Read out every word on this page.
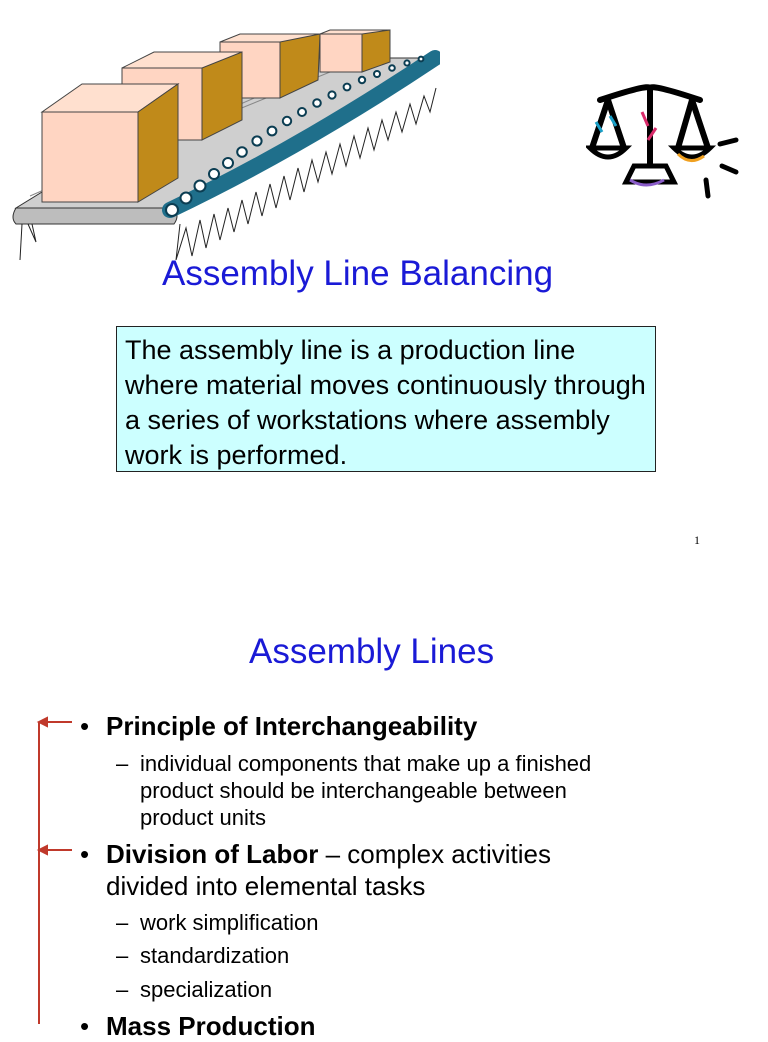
Assembly Line Balancing
The assembly line is a production line where material moves continuously through a series of workstations where assembly work is performed.
1
Assembly Lines
• Principle of Interchangeability
– individual components that make up a finished
product should be interchangeable between
product units
• Division of Labor – complex activities
divided into elemental tasks
– work simplification
– standardization
– specialization
• Mass Production
